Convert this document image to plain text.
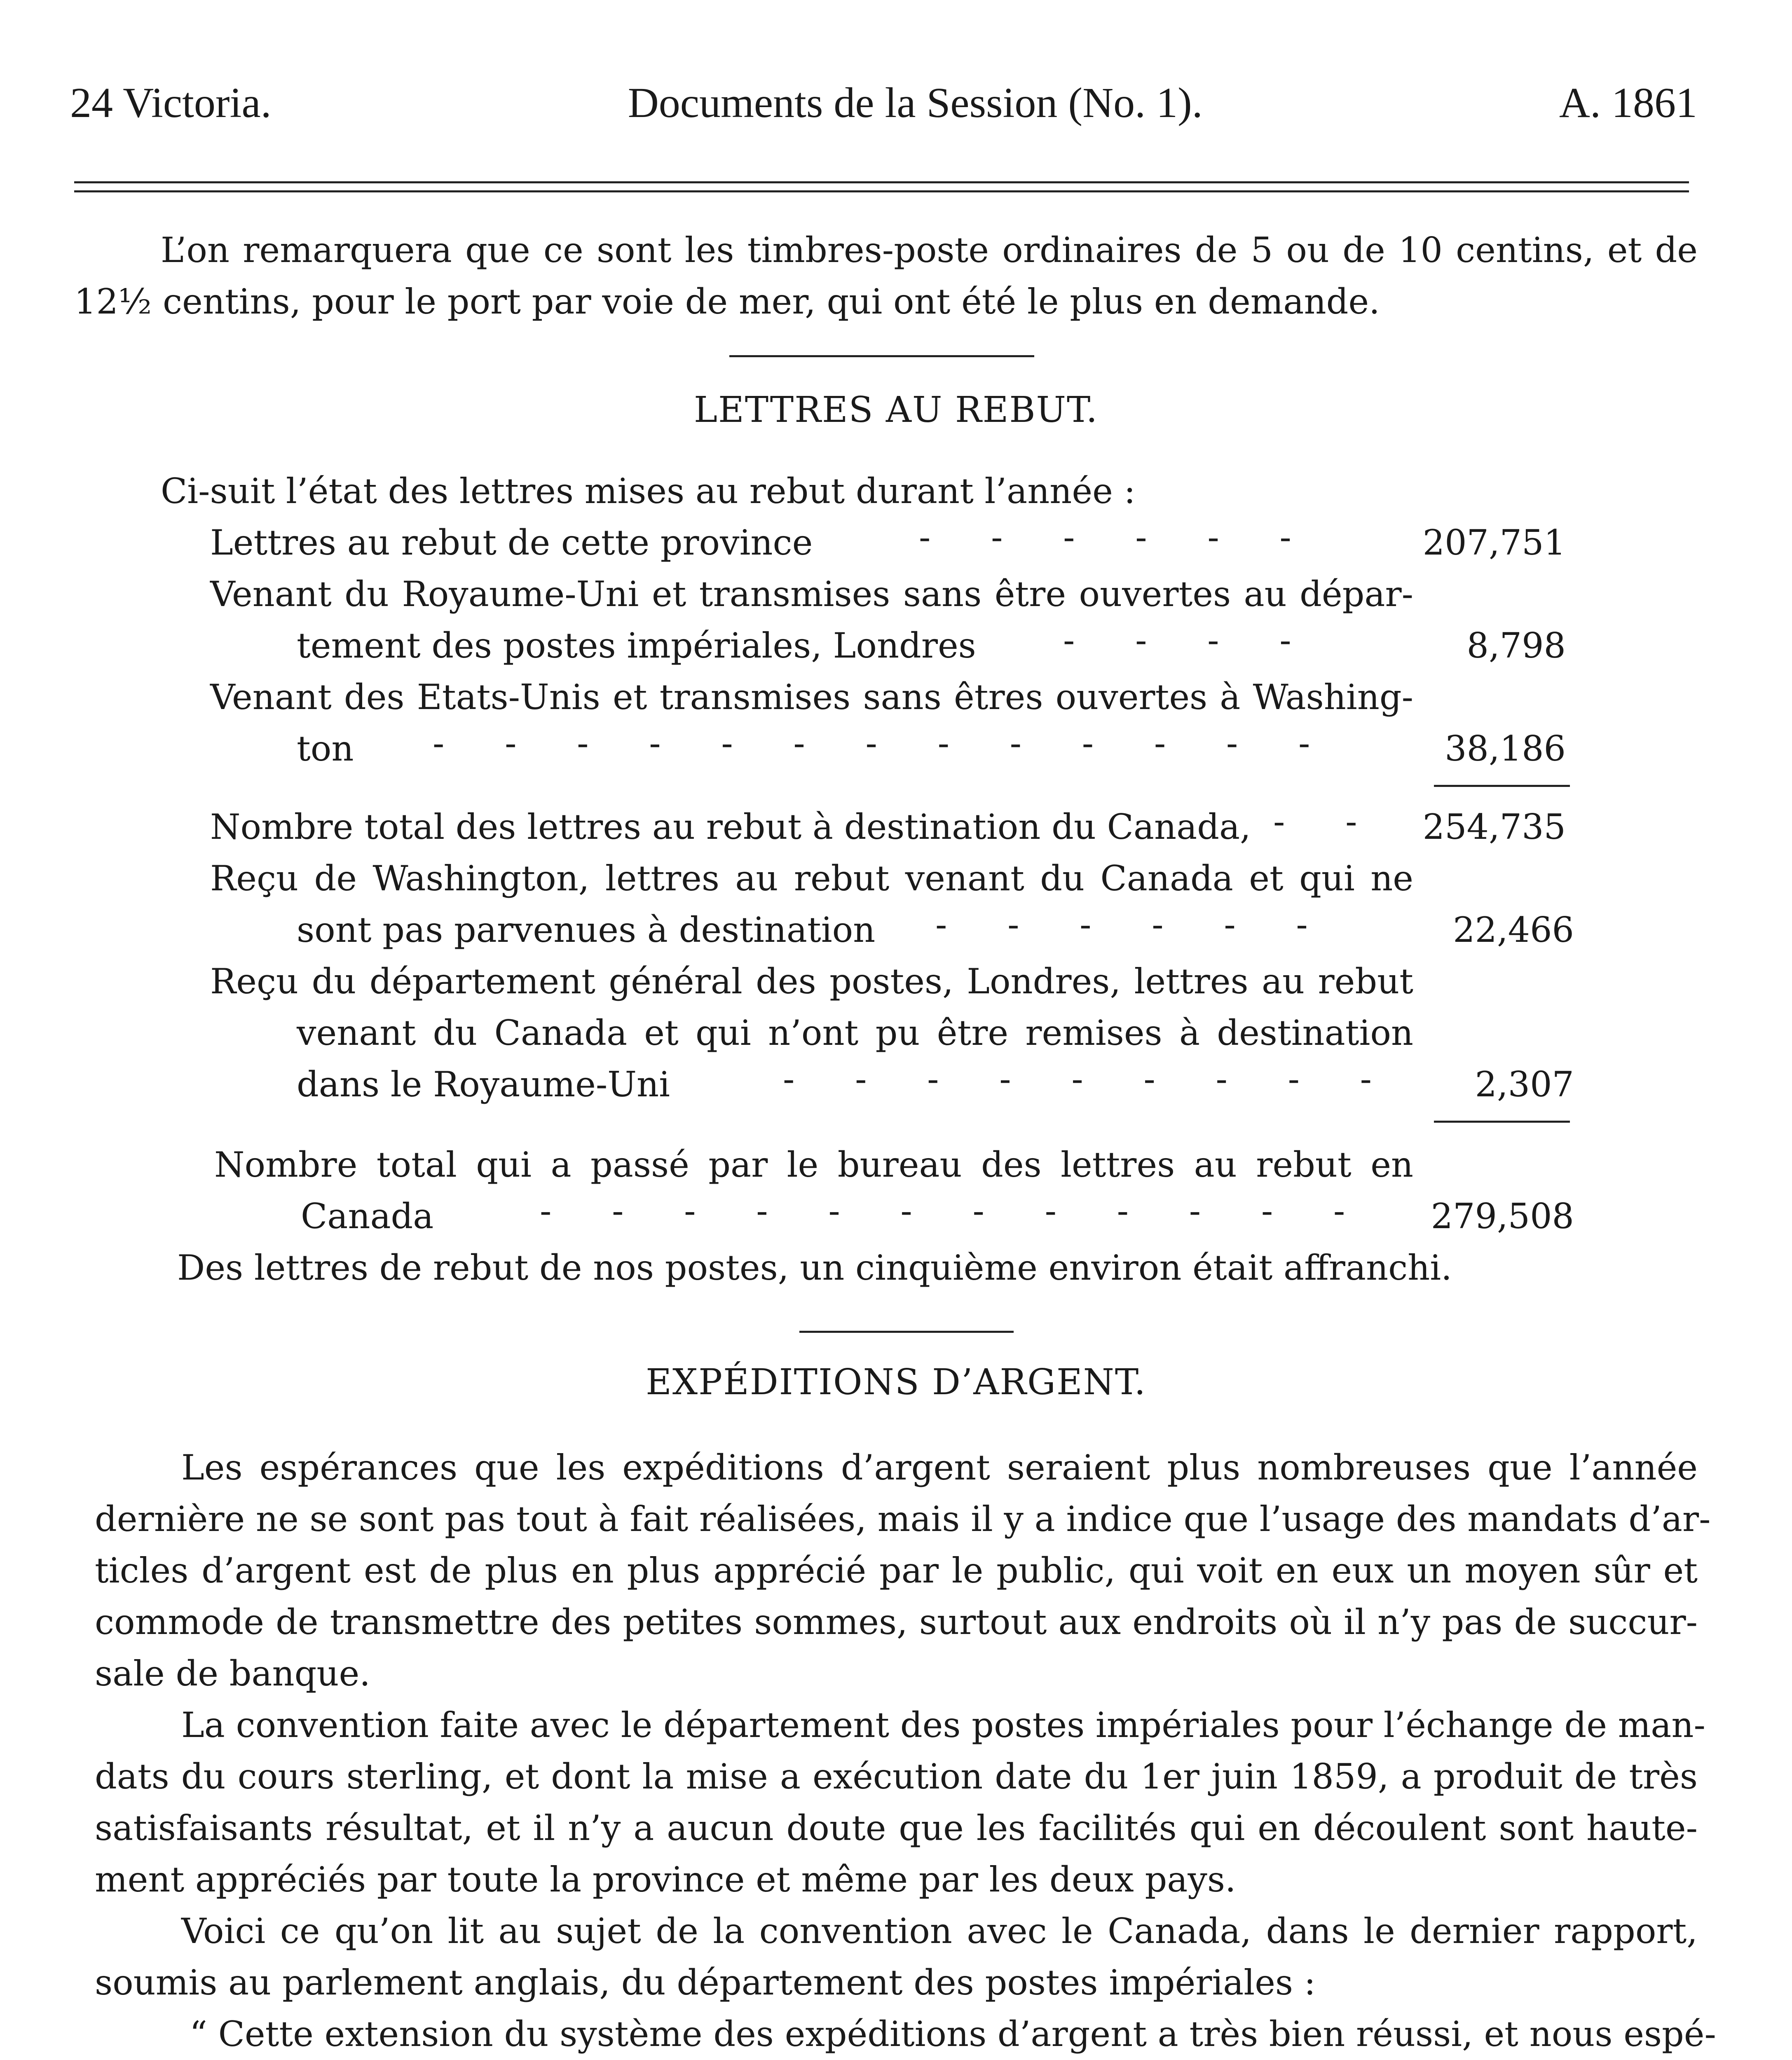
24 Victoria.	Documents de la Session (No. 1).	A. 1861
L’on remarquera que ce sont les timbres-poste ordinaires de 5 ou de 10 centins, et de
12½ centins, pour le port par voie de mer, qui ont été le plus en demande.
LETTRES AU REBUT.
Ci-suit l’état des lettres mises au rebut durant l’année :
Lettres au rebut de cette province	- - - - - -	207,751
Venant du Royaume-Uni et transmises sans être ouvertes au dépar-
tement des postes impériales, Londres	- - - -	8,798
Venant des Etats-Unis et transmises sans êtres ouvertes à Washing-
ton - - - - - - - - - - - - -	38,186
Nombre total des lettres au rebut à destination du Canada, - -	254,735
Reçu de Washington, lettres au rebut venant du Canada et qui ne
sont pas parvenues à destination - - - - - -	22,466
Reçu du département général des postes, Londres, lettres au rebut
venant du Canada et qui n’ont pu être remises à destination
dans le Royaume-Uni	- - - - - - - - -	2,307
Nombre total qui a passé par le bureau des lettres au rebut en
Canada	- - - - - - - - - - - -	279,508
Des lettres de rebut de nos postes, un cinquième environ était affranchi.
EXPÉDITIONS D’ARGENT.
Les espérances que les expéditions d’argent seraient plus nombreuses que l’année
dernière ne se sont pas tout à fait réalisées, mais il y a indice que l’usage des mandats d’ar-
ticles d’argent est de plus en plus apprécié par le public, qui voit en eux un moyen sûr et
commode de transmettre des petites sommes, surtout aux endroits où il n’y pas de succur-
sale de banque.
La convention faite avec le département des postes impériales pour l’échange de man-
dats du cours sterling, et dont la mise a exécution date du 1er juin 1859, a produit de très
satisfaisants résultat, et il n’y a aucun doute que les facilités qui en découlent sont haute-
ment appréciés par toute la province et même par les deux pays.
Voici ce qu’on lit au sujet de la convention avec le Canada, dans le dernier rapport,
soumis au parlement anglais, du département des postes impériales :
“ Cette extension du système des expéditions d’argent a très bien réussi, et nous espé-
